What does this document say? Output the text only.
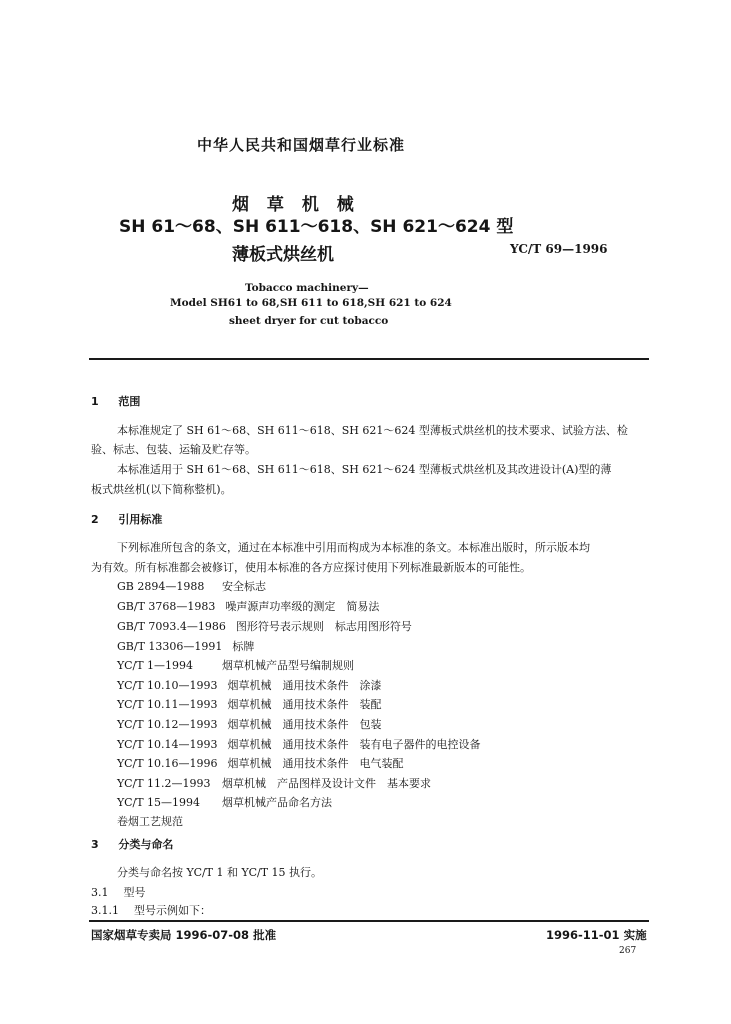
中华人民共和国烟草行业标准
烟 草 机 械
SH 61～68、SH 611～618、SH 621～624 型
薄板式烘丝机	YC/T 69—1996
Tobacco machinery—
Model SH61 to 68,SH 611 to 618,SH 621 to 624
sheet dryer for cut tobacco
1 范围
本标准规定了 SH 61～68、SH 611～618、SH 621～624 型薄板式烘丝机的技术要求、试验方法、检
验、标志、包装、运输及贮存等。
本标准适用于 SH 61～68、SH 611～618、SH 621～624 型薄板式烘丝机及其改进设计(A)型的薄
板式烘丝机(以下简称整机)。
2 引用标准
下列标准所包含的条文，通过在本标准中引用而构成为本标准的条文。本标准出版时，所示版本均
为有效。所有标准都会被修订，使用本标准的各方应探讨使用下列标准最新版本的可能性。
GB 2894—1988 安全标志
GB/T 3768—1983 噪声源声功率级的测定　简易法
GB/T 7093.4—1986 图形符号表示规则　标志用图形符号
GB/T 13306—1991 标牌
YC/T 1—1994	烟草机械产品型号编制规则
YC/T 10.10—1993 烟草机械　通用技术条件　涂漆
YC/T 10.11—1993 烟草机械　通用技术条件　装配
YC/T 10.12—1993 烟草机械　通用技术条件　包装
YC/T 10.14—1993 烟草机械　通用技术条件　装有电子器件的电控设备
YC/T 10.16—1996 烟草机械　通用技术条件　电气装配
YC/T 11.2—1993 烟草机械　产品图样及设计文件　基本要求
YC/T 15—1994 烟草机械产品命名方法
卷烟工艺规范
3 分类与命名
分类与命名按 YC/T 1 和 YC/T 15 执行。
3.1 型号
3.1.1 型号示例如下：
国家烟草专卖局 1996-07-08 批准	1996-11-01 实施
267
